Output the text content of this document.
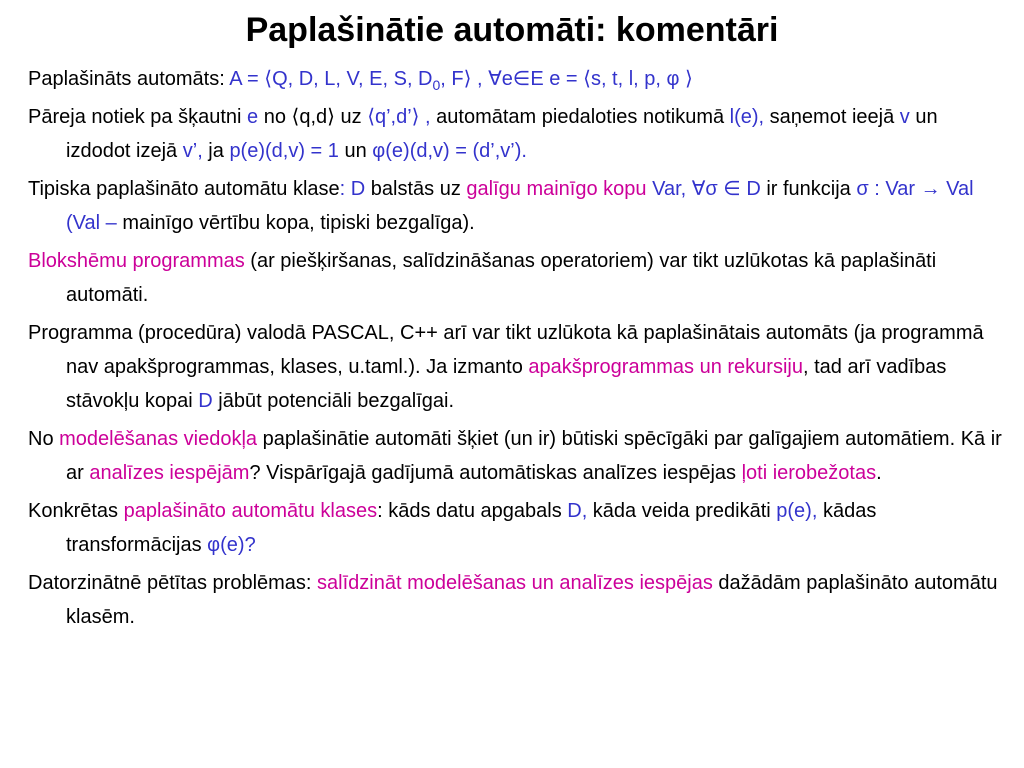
Paplašinātie automāti: komentāri
Paplašināts automāts: A = ⟨Q, D, L, V, E, S, $D_0$, F⟩ , ∀e∈E e = ⟨s, t, l, p, φ ⟩
Pāreja notiek pa šķautni e no ⟨q,d⟩ uz ⟨q’,d’⟩ , automātam piedaloties notikumā l(e), saņemot ieejā v un izdodot izejā v’, ja p(e)(d,v) = 1 un φ(e)(d,v) = (d’,v’).
Tipiska paplašināto automātu klase: D balstās uz galīgu mainīgo kopu Var, ∀σ ∈ D ir funkcija σ : Var → Val (Val – mainīgo vērtību kopa, tipiski bezgalīga).
Blokshēmu programmas (ar piešķiršanas, salīdzināšanas operatoriem) var tikt uzlūkotas kā paplašināti automāti.
Programma (procedūra) valodā PASCAL, C++ arī var tikt uzlūkota kā paplašinātais automāts (ja programmā nav apakšprogrammas, klases, u.taml.). Ja izmanto apakšprogrammas un rekursiju, tad arī vadības stāvokļu kopai D jābūt potenciāli bezgalīgai.
No modelēšanas viedokļa paplašinātie automāti šķiet (un ir) būtiski spēcīgāki par galīgajiem automātiem. Kā ir ar analīzes iespējām? Vispārīgajā gadījumā automātiskas analīzes iespējas ļoti ierobežotas.
Konkrētas paplašināto automātu klases: kāds datu apgabals D, kāda veida predikāti p(e), kādas transformācijas φ(e)?
Datorzinātnē pētītas problēmas: salīdzināt modelēšanas un analīzes iespējas dažādām paplašināto automātu klasēm.
